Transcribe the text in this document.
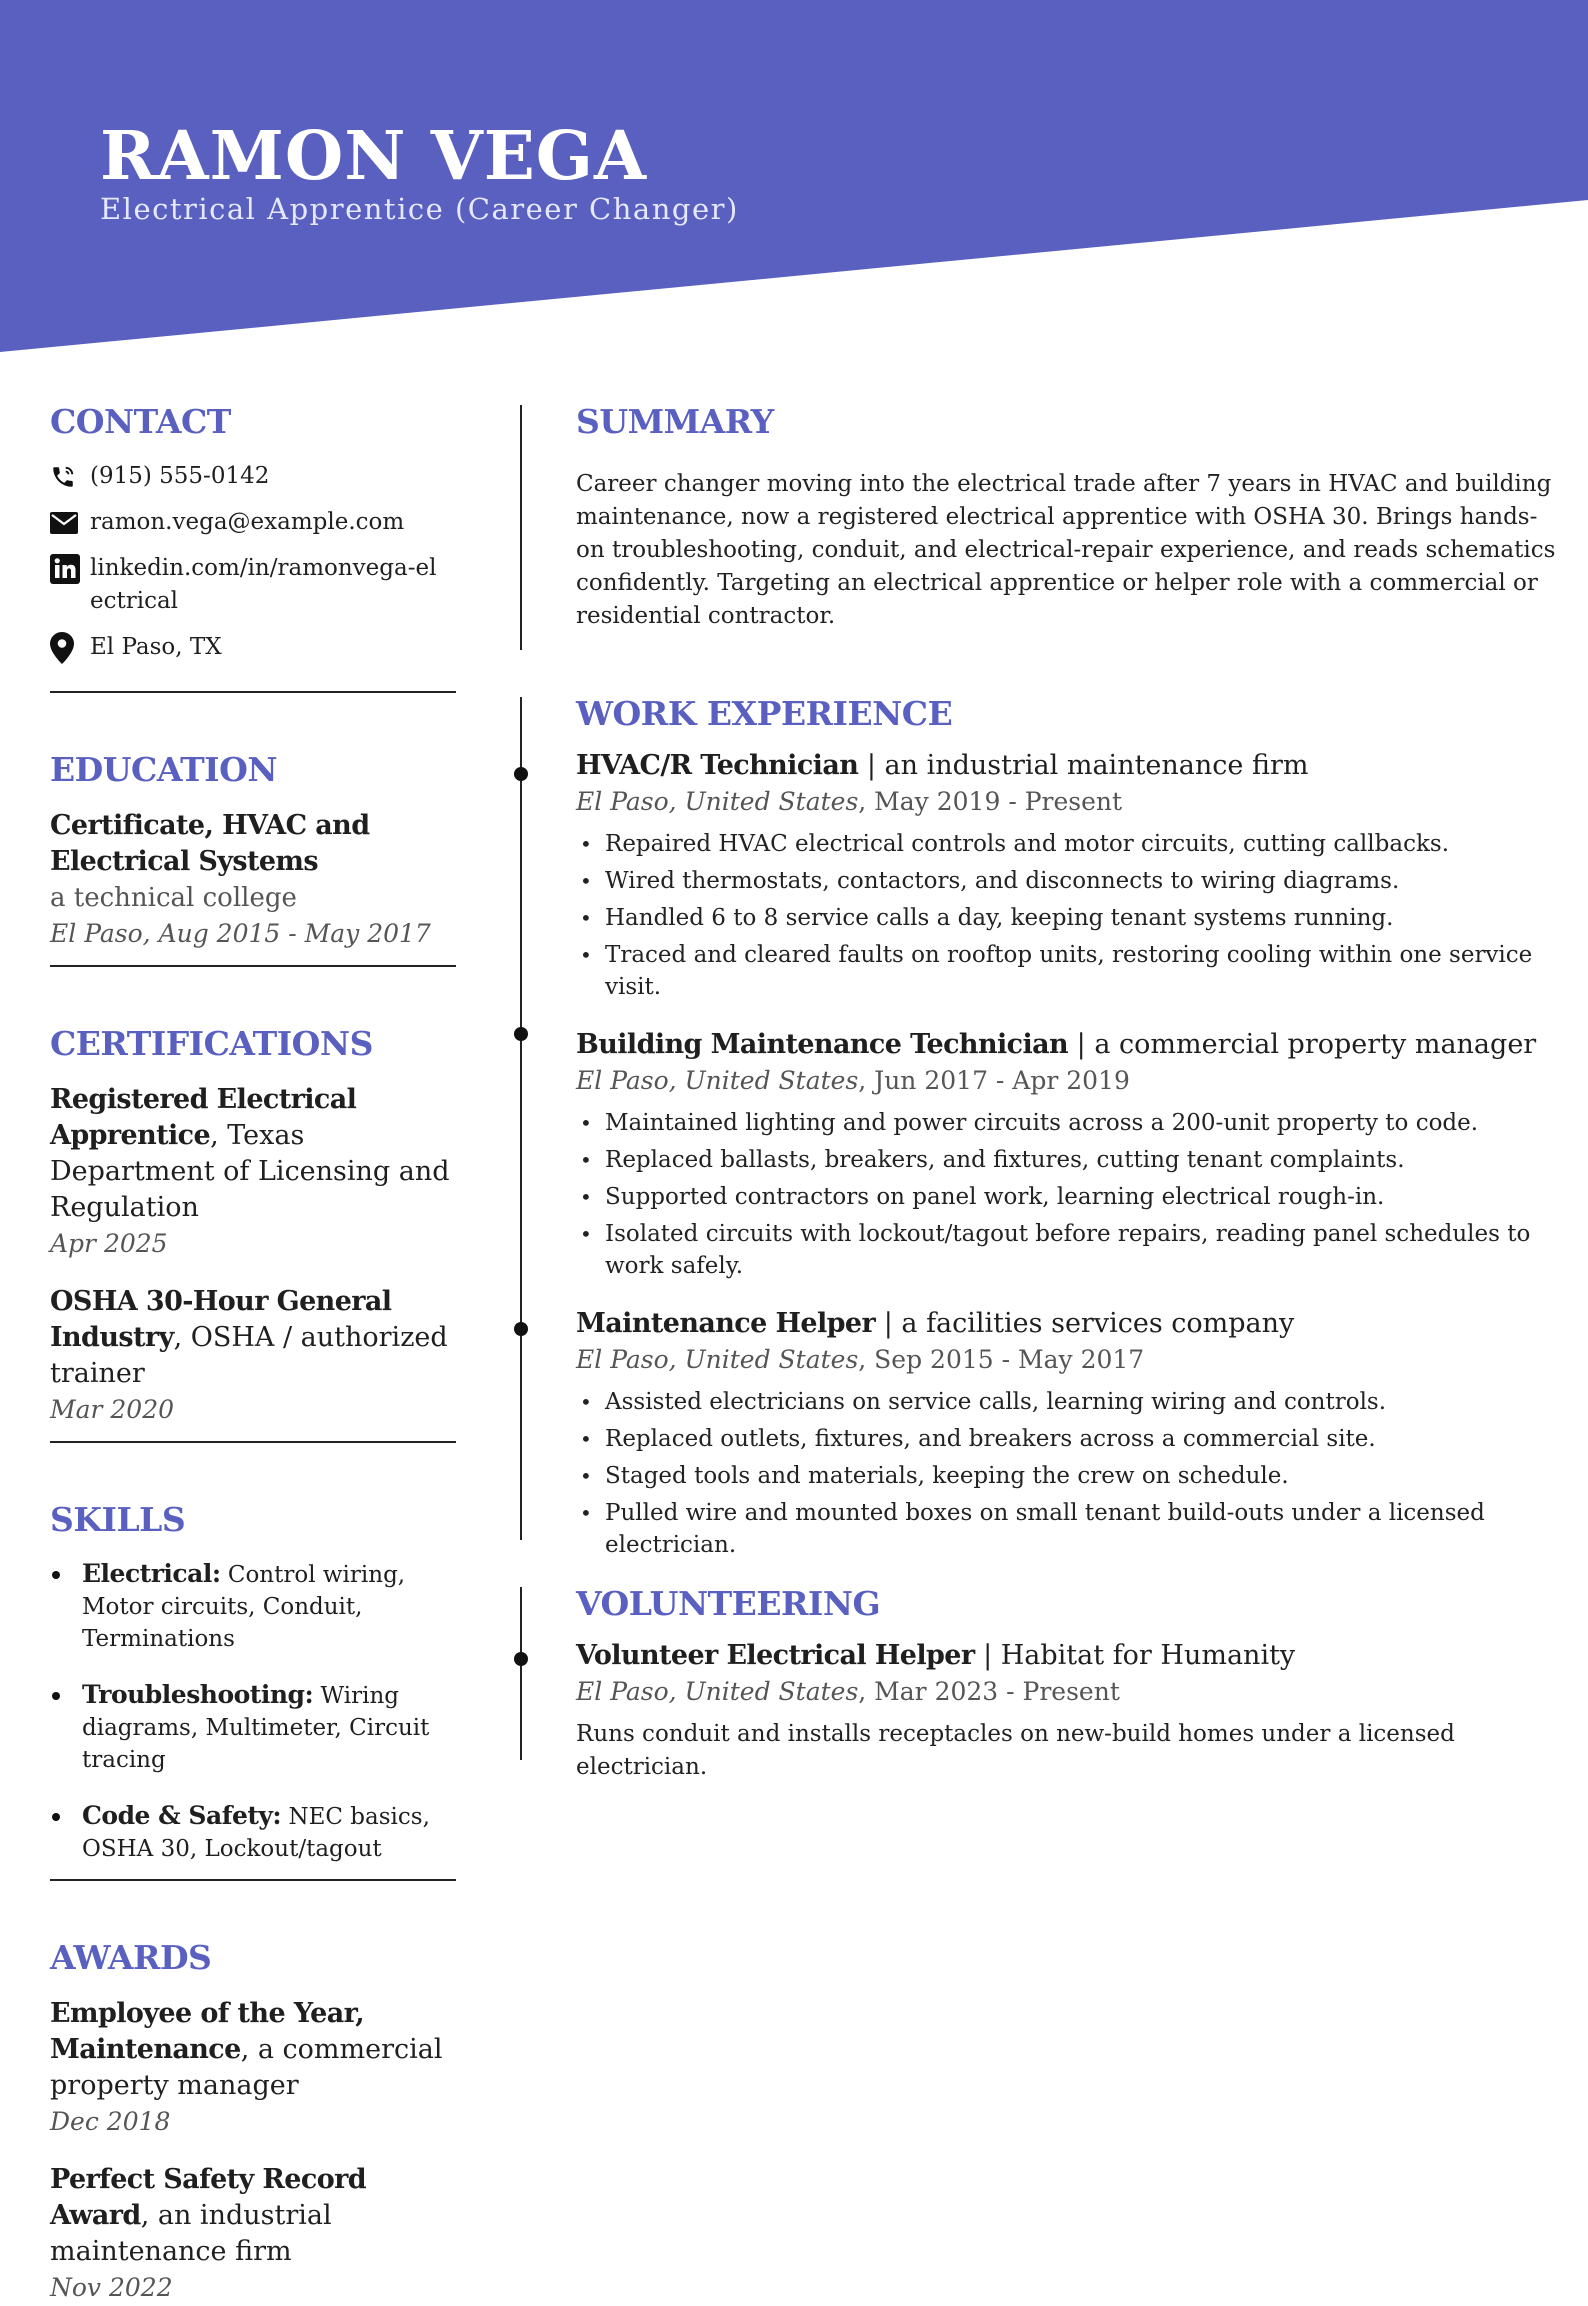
RAMON VEGA
Electrical Apprentice (Career Changer)
CONTACT
(915) 555-0142
ramon.vega@example.com
linkedin.com/in/ramonvega-electrical
El Paso, TX
EDUCATION
Certificate, HVAC and Electrical Systems
a technical college
El Paso, Aug 2015 - May 2017
CERTIFICATIONS
Registered Electrical Apprentice, Texas Department of Licensing and Regulation
Apr 2025
OSHA 30-Hour General Industry, OSHA / authorized trainer
Mar 2020
SKILLS
Electrical: Control wiring, Motor circuits, Conduit, Terminations
Troubleshooting: Wiring diagrams, Multimeter, Circuit tracing
Code & Safety: NEC basics, OSHA 30, Lockout/tagout
AWARDS
Employee of the Year, Maintenance, a commercial property manager
Dec 2018
Perfect Safety Record Award, an industrial maintenance firm
Nov 2022
SUMMARY
Career changer moving into the electrical trade after 7 years in HVAC and building maintenance, now a registered electrical apprentice with OSHA 30. Brings hands-on troubleshooting, conduit, and electrical-repair experience, and reads schematics confidently. Targeting an electrical apprentice or helper role with a commercial or residential contractor.
WORK EXPERIENCE
HVAC/R Technician | an industrial maintenance firm
El Paso, United States, May 2019 - Present
• Repaired HVAC electrical controls and motor circuits, cutting callbacks.
• Wired thermostats, contactors, and disconnects to wiring diagrams.
• Handled 6 to 8 service calls a day, keeping tenant systems running.
• Traced and cleared faults on rooftop units, restoring cooling within one service visit.
Building Maintenance Technician | a commercial property manager
El Paso, United States, Jun 2017 - Apr 2019
• Maintained lighting and power circuits across a 200-unit property to code.
• Replaced ballasts, breakers, and fixtures, cutting tenant complaints.
• Supported contractors on panel work, learning electrical rough-in.
• Isolated circuits with lockout/tagout before repairs, reading panel schedules to work safely.
Maintenance Helper | a facilities services company
El Paso, United States, Sep 2015 - May 2017
• Assisted electricians on service calls, learning wiring and controls.
• Replaced outlets, fixtures, and breakers across a commercial site.
• Staged tools and materials, keeping the crew on schedule.
• Pulled wire and mounted boxes on small tenant build-outs under a licensed electrician.
VOLUNTEERING
Volunteer Electrical Helper | Habitat for Humanity
El Paso, United States, Mar 2023 - Present
Runs conduit and installs receptacles on new-build homes under a licensed electrician.
